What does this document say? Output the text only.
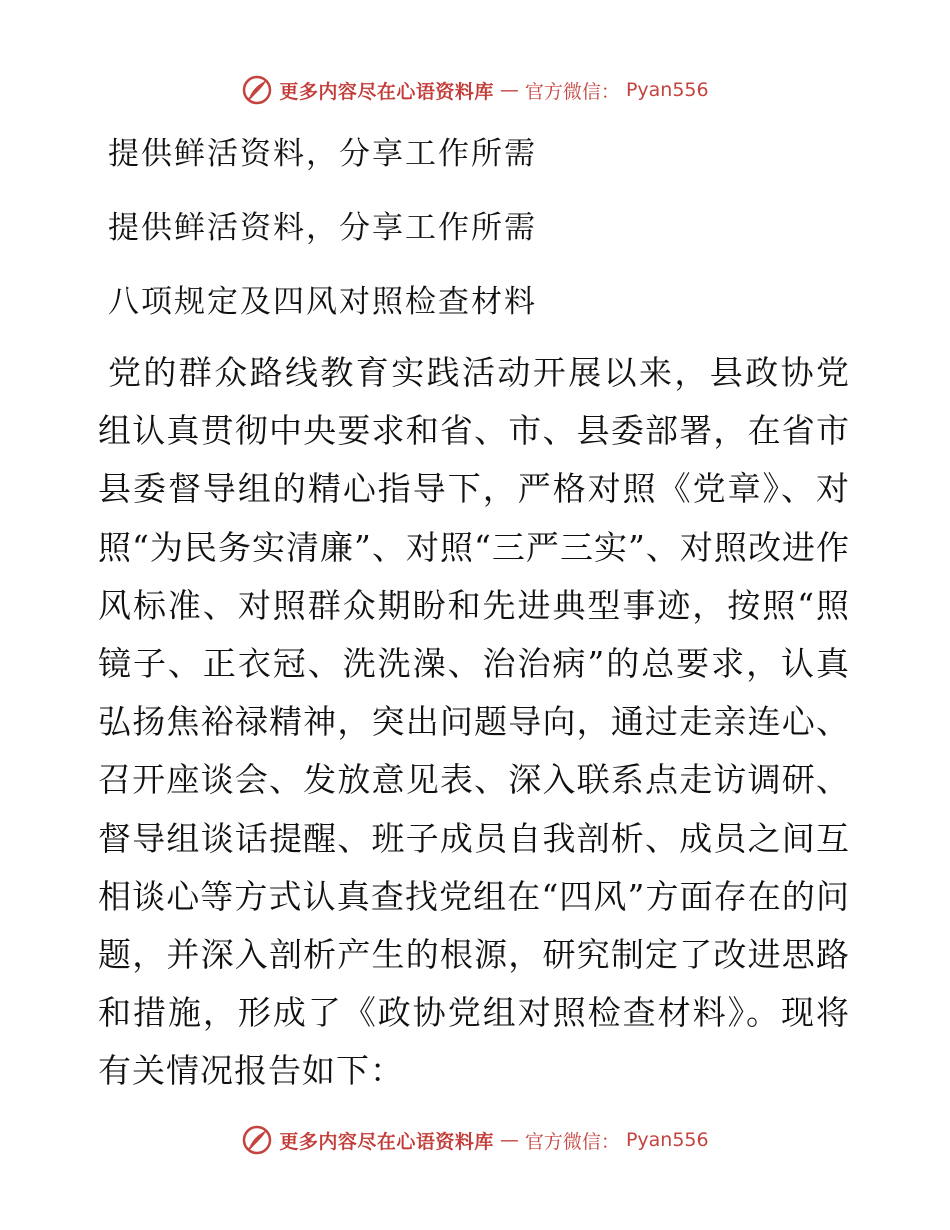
更多内容尽在心语资料库 — 官方微信： Pyan556
提供鲜活资料，分享工作所需
提供鲜活资料，分享工作所需
八项规定及四风对照检查材料
党的群众路线教育实践活动开展以来，县政协党组认真贯彻中央要求和省、市、县委部署，在省市县委督导组的精心指导下，严格对照《党章》、对照“为民务实清廉”、对照“三严三实”、对照改进作风标准、对照群众期盼和先进典型事迹，按照“照镜子、正衣冠、洗洗澡、治治病”的总要求，认真弘扬焦裕禄精神，突出问题导向，通过走亲连心、召开座谈会、发放意见表、深入联系点走访调研、督导组谈话提醒、班子成员自我剖析、成员之间互相谈心等方式认真查找党组在“四风”方面存在的问题，并深入剖析产生的根源，研究制定了改进思路和措施，形成了《政协党组对照检查材料》。现将有关情况报告如下：
更多内容尽在心语资料库 — 官方微信： Pyan556
